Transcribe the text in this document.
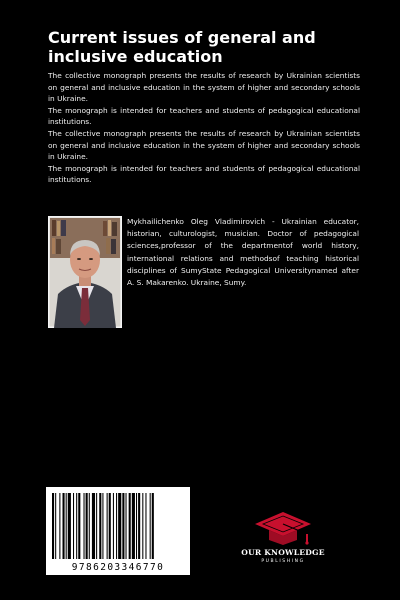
Current issues of general and inclusive education

The collective monograph presents the results of research by Ukrainian scientists on general and inclusive education in the system of higher and secondary schools in Ukraine.

The monograph is intended for teachers and students of pedagogical educational institutions.

The collective monograph presents the results of research by Ukrainian scientists on general and inclusive education in the system of higher and secondary schools in Ukraine.

The monograph is intended for teachers and students of pedagogical educational institutions.

Mykhailichenko Oleg Vladimirovich - Ukrainian educator, historian, culturologist, musician. Doctor of pedagogical sciences,professor of the departmentof world history, international relations and methodsof teaching historical disciplines of SumyState Pedagogical Universitynamed after A. S. Makarenko. Ukraine, Sumy.

9786203346770
OUR KNOWLEDGE
PUBLISHING
